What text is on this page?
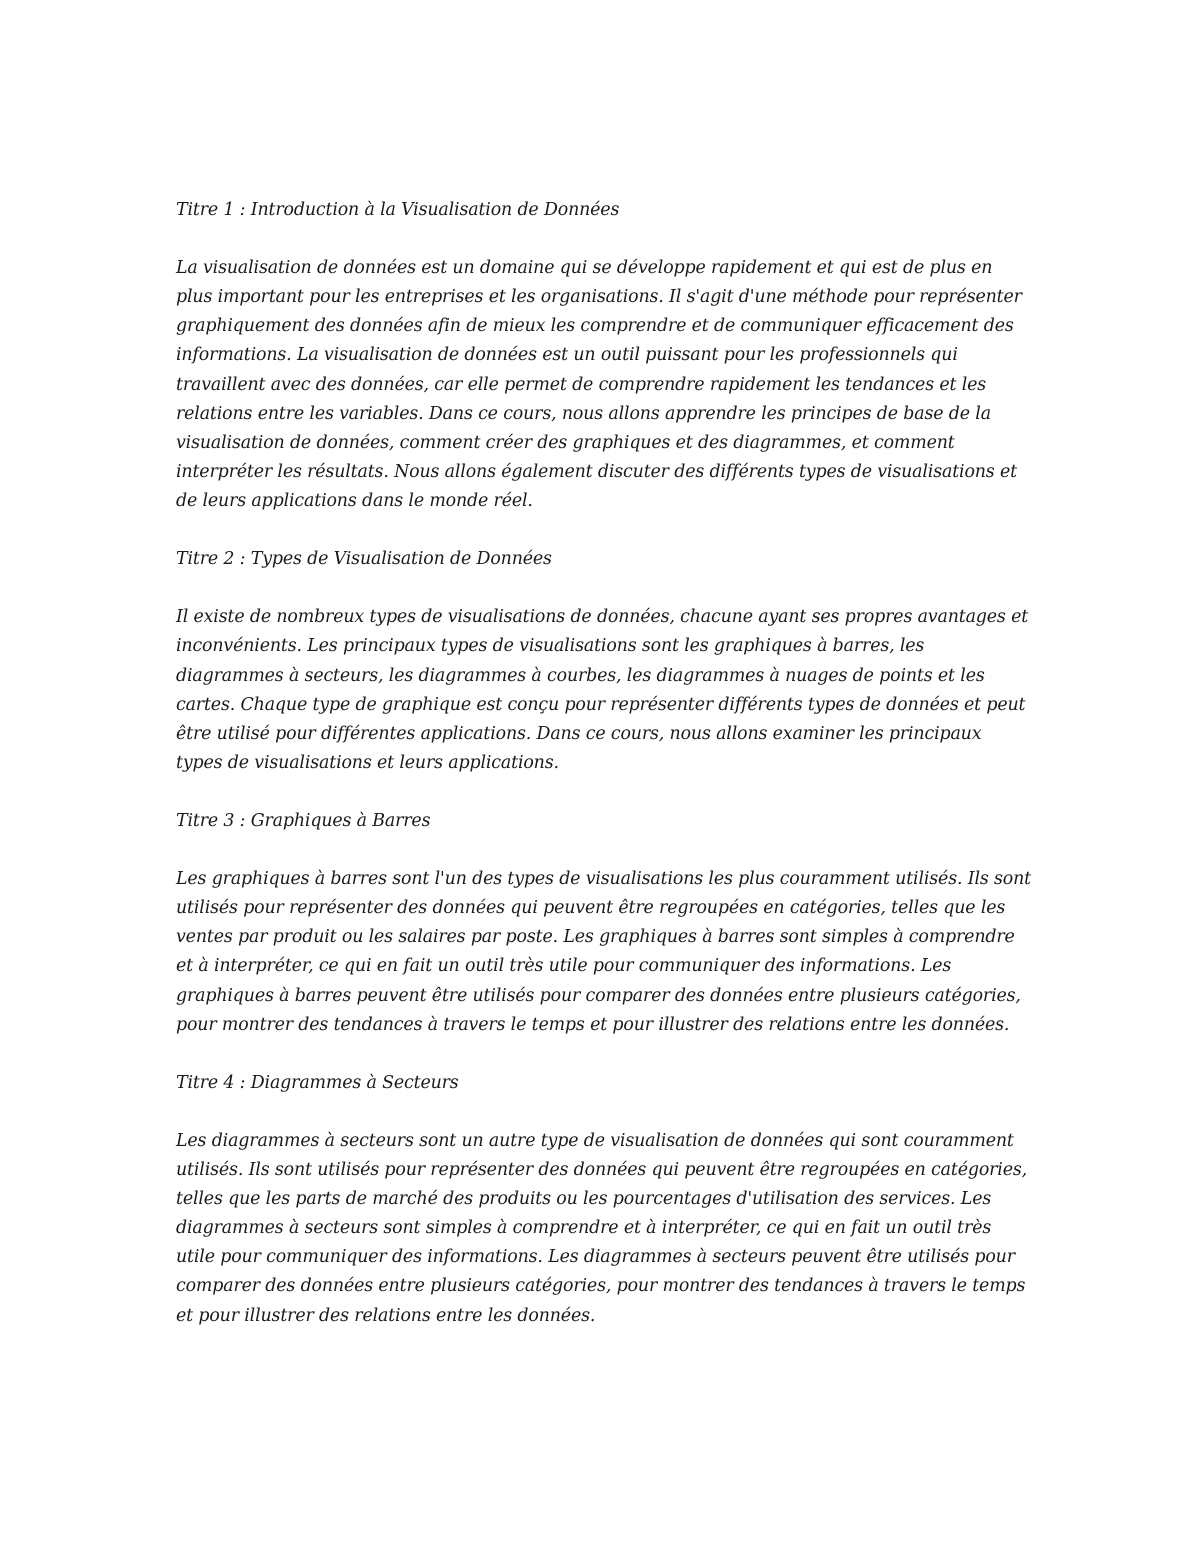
Titre 1 : Introduction à la Visualisation de Données

La visualisation de données est un domaine qui se développe rapidement et qui est de plus en plus important pour les entreprises et les organisations. Il s'agit d'une méthode pour représenter graphiquement des données afin de mieux les comprendre et de communiquer efficacement des informations. La visualisation de données est un outil puissant pour les professionnels qui travaillent avec des données, car elle permet de comprendre rapidement les tendances et les relations entre les variables. Dans ce cours, nous allons apprendre les principes de base de la visualisation de données, comment créer des graphiques et des diagrammes, et comment interpréter les résultats. Nous allons également discuter des différents types de visualisations et de leurs applications dans le monde réel.

Titre 2 : Types de Visualisation de Données

Il existe de nombreux types de visualisations de données, chacune ayant ses propres avantages et inconvénients. Les principaux types de visualisations sont les graphiques à barres, les diagrammes à secteurs, les diagrammes à courbes, les diagrammes à nuages de points et les cartes. Chaque type de graphique est conçu pour représenter différents types de données et peut être utilisé pour différentes applications. Dans ce cours, nous allons examiner les principaux types de visualisations et leurs applications.

Titre 3 : Graphiques à Barres

Les graphiques à barres sont l'un des types de visualisations les plus couramment utilisés. Ils sont utilisés pour représenter des données qui peuvent être regroupées en catégories, telles que les ventes par produit ou les salaires par poste. Les graphiques à barres sont simples à comprendre et à interpréter, ce qui en fait un outil très utile pour communiquer des informations. Les graphiques à barres peuvent être utilisés pour comparer des données entre plusieurs catégories, pour montrer des tendances à travers le temps et pour illustrer des relations entre les données.

Titre 4 : Diagrammes à Secteurs

Les diagrammes à secteurs sont un autre type de visualisation de données qui sont couramment utilisés. Ils sont utilisés pour représenter des données qui peuvent être regroupées en catégories, telles que les parts de marché des produits ou les pourcentages d'utilisation des services. Les diagrammes à secteurs sont simples à comprendre et à interpréter, ce qui en fait un outil très utile pour communiquer des informations. Les diagrammes à secteurs peuvent être utilisés pour comparer des données entre plusieurs catégories, pour montrer des tendances à travers le temps et pour illustrer des relations entre les données.
